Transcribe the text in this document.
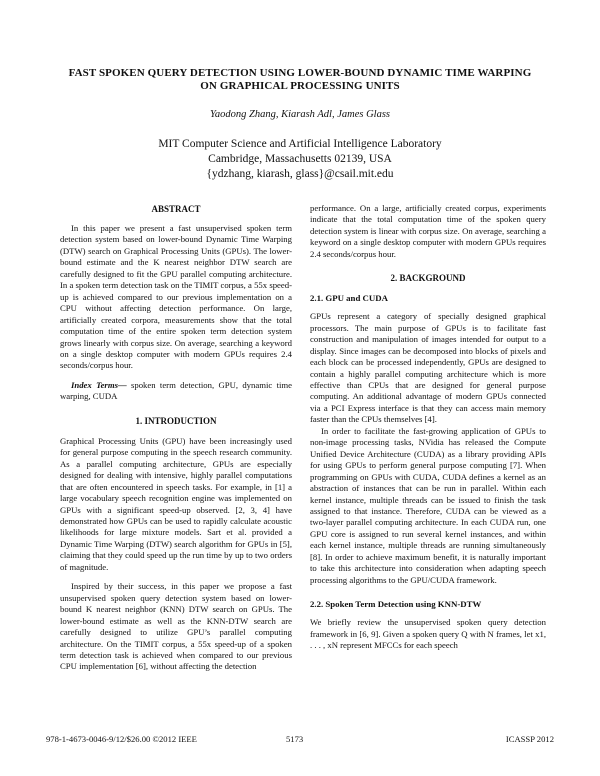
FAST SPOKEN QUERY DETECTION USING LOWER-BOUND DYNAMIC TIME WARPING
ON GRAPHICAL PROCESSING UNITS
Yaodong Zhang, Kiarash Adl, James Glass
MIT Computer Science and Artificial Intelligence Laboratory
Cambridge, Massachusetts 02139, USA
{ydzhang, kiarash, glass}@csail.mit.edu
ABSTRACT

In this paper we present a fast unsupervised spoken term detection system based on lower-bound Dynamic Time Warping (DTW) search on Graphical Processing Units (GPUs). The lower-bound estimate and the K nearest neighbor DTW search are carefully designed to fit the GPU parallel computing architecture. In a spoken term detection task on the TIMIT corpus, a 55x speed-up is achieved compared to our previous implementation on a CPU without affecting detection performance. On large, artificially created corpora, measurements show that the total computation time of the entire spoken term detection system grows linearly with corpus size. On average, searching a keyword on a single desktop computer with modern GPUs requires 2.4 seconds/corpus hour.

Index Terms— spoken term detection, GPU, dynamic time warping, CUDA

1. INTRODUCTION

Graphical Processing Units (GPU) have been increasingly used for general purpose computing in the speech research community. As a parallel computing architecture, GPUs are especially designed for dealing with intensive, highly parallel computations that are often encountered in speech tasks. For example, in [1] a large vocabulary speech recognition engine was implemented on GPUs with a significant speed-up observed. [2, 3, 4] have demonstrated how GPUs can be used to rapidly calculate acoustic likelihoods for large mixture models. Sart et al. provided a Dynamic Time Warping (DTW) search algorithm for GPUs in [5], claiming that they could speed up the run time by up to two orders of magnitude.

Inspired by their success, in this paper we propose a fast unsupervised spoken query detection system based on lower-bound K nearest neighbor (KNN) DTW search on GPUs. The lower-bound estimate as well as the KNN-DTW search are carefully designed to utilize GPU’s parallel computing architecture. On the TIMIT corpus, a 55x speed-up of a spoken term detection task is achieved when compared to our previous CPU implementation [6], without affecting the detection

performance. On a large, artificially created corpus, experiments indicate that the total computation time of the spoken query detection system is linear with corpus size. On average, searching a keyword on a single desktop computer with modern GPUs requires 2.4 seconds/corpus hour.

2. BACKGROUND
2.1. GPU and CUDA

GPUs represent a category of specially designed graphical processors. The main purpose of GPUs is to facilitate fast construction and manipulation of images intended for output to a display. Since images can be decomposed into blocks of pixels and each block can be processed independently, GPUs are designed to contain a highly parallel computing architecture which is more effective than CPUs that are designed for general purpose computing. An additional advantage of modern GPUs connected via a PCI Express interface is that they can access main memory faster than the CPUs themselves [4].

In order to facilitate the fast-growing application of GPUs to non-image processing tasks, NVidia has released the Compute Unified Device Architecture (CUDA) as a library providing APIs for using GPUs to perform general purpose computing [7]. When programming on GPUs with CUDA, CUDA defines a kernel as an abstraction of instances that can be run in parallel. Within each kernel instance, multiple threads can be issued to finish the task assigned to that instance. Therefore, CUDA can be viewed as a two-layer parallel computing architecture. In each CUDA run, one GPU core is assigned to run several kernel instances, and within each kernel instance, multiple threads are running simultaneously [8]. In order to achieve maximum benefit, it is naturally important to take this architecture into consideration when adapting speech processing algorithms to the GPU/CUDA framework.

2.2. Spoken Term Detection using KNN-DTW

We briefly review the unsupervised spoken query detection framework in [6, 9]. Given a spoken query Q with N frames, let x1, . . . , xN represent MFCCs for each speech

978-1-4673-0046-9/12/$26.00 ©2012 IEEE	5173	ICASSP 2012
